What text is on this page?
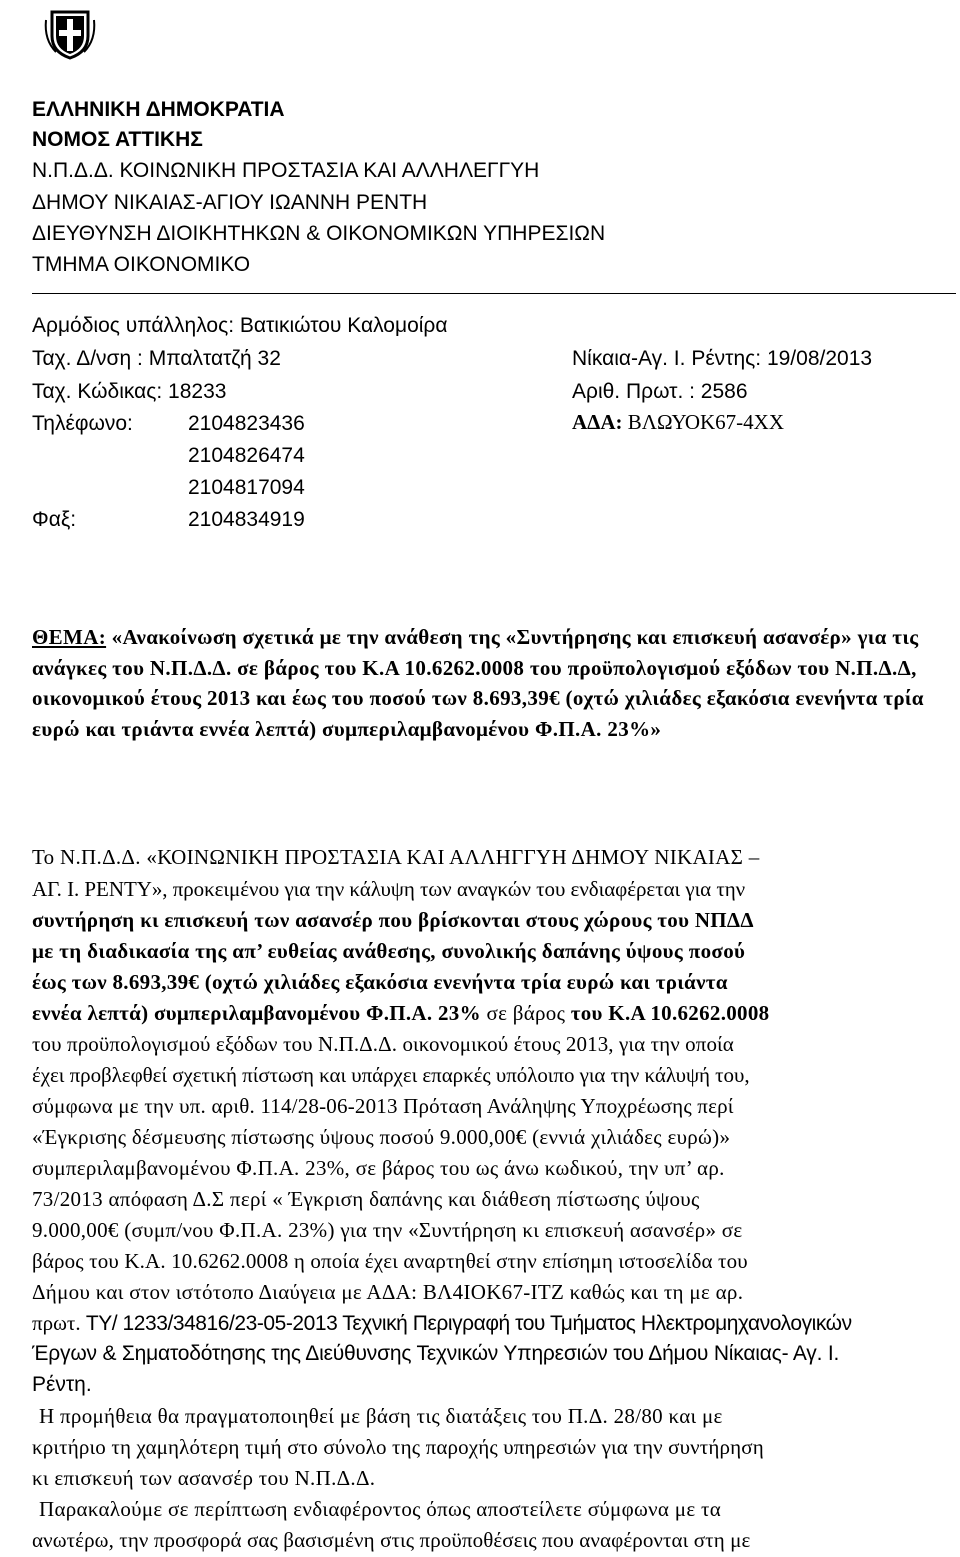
ΕΛΛΗΝΙΚΗ ΔΗΜΟΚΡΑΤΙΑ
ΝΟΜΟΣ ΑΤΤΙΚΗΣ
Ν.Π.Δ.Δ. ΚΟΙΝΩΝΙΚΗ ΠΡΟΣΤΑΣΙΑ ΚΑΙ ΑΛΛΗΛΕΓΓΥΗ
ΔΗΜΟΥ ΝΙΚΑΙΑΣ-ΑΓΙΟΥ ΙΩΑΝΝΗ ΡΕΝΤΗ
ΔΙΕΥΘΥΝΣΗ ΔΙΟΙΚΗΤΗΚΩΝ & ΟΙΚΟΝΟΜΙΚΩΝ ΥΠΗΡΕΣΙΩΝ
ΤΜΗΜΑ ΟΙΚΟΝΟΜΙΚΟ
Αρμόδιος υπάλληλος: Βατικιώτου Καλομοίρα
Ταχ. Δ/νση : Μπαλτατζή 32
Ταχ. Κώδικας: 18233
Τηλέφωνο:	2104823436
2104826474
2104817094
Φαξ:	2104834919
Νίκαια-Αγ. Ι. Ρέντης: 19/08/2013
Αριθ. Πρωτ. : 2586
ΑΔΑ: ΒΛΩΥΟΚ67-4ΧΧ
ΘΕΜΑ: «Ανακοίνωση σχετικά με την ανάθεση της «Συντήρησης και επισκευή ασανσέρ» για τις ανάγκες του Ν.Π.Δ.Δ. σε βάρος του Κ.Α 10.6262.0008 του προϋπολογισμού εξόδων του Ν.Π.Δ.Δ, οικονομικού έτους 2013 και έως του ποσού των 8.693,39€ (οχτώ χιλιάδες εξακόσια ενενήντα τρία ευρώ και τριάντα εννέα λεπτά) συμπεριλαμβανομένου Φ.Π.Α. 23%»
Το Ν.Π.Δ.Δ. «ΚΟΙΝΩΝΙΚΗ ΠΡΟΣΤΑΣΙΑ ΚΑΙ ΑΛΛΗΓΓΥΗ ΔΗΜΟΥ ΝΙΚΑΙΑΣ –
ΑΓ. Ι. ΡΕΝΤΥ», προκειμένου για την κάλυψη των αναγκών του ενδιαφέρεται για την
συντήρηση κι επισκευή των ασανσέρ που βρίσκονται στους χώρους του ΝΠΔΔ
με τη διαδικασία της απ’ ευθείας ανάθεσης, συνολικής δαπάνης ύψους ποσού
έως των 8.693,39€ (οχτώ χιλιάδες εξακόσια ενενήντα τρία ευρώ και τριάντα
εννέα λεπτά) συμπεριλαμβανομένου Φ.Π.Α. 23% σε βάρος του Κ.Α 10.6262.0008
του προϋπολογισμού εξόδων του Ν.Π.Δ.Δ. οικονομικού έτους 2013, για την οποία
έχει προβλεφθεί σχετική πίστωση και υπάρχει επαρκές υπόλοιπο για την κάλυψή του,
σύμφωνα με την υπ. αριθ. 114/28-06-2013 Πρόταση Ανάληψης Υποχρέωσης περί
«Έγκρισης δέσμευσης πίστωσης ύψους ποσού 9.000,00€ (εννιά χιλιάδες ευρώ)»
συμπεριλαμβανομένου Φ.Π.Α. 23%, σε βάρος του ως άνω κωδικού, την υπ’ αρ.
73/2013 απόφαση Δ.Σ περί « Έγκριση δαπάνης και διάθεση πίστωσης ύψους
9.000,00€ (συμπ/νου Φ.Π.Α. 23%) για την «Συντήρηση κι επισκευή ασανσέρ» σε
βάρος του Κ.Α. 10.6262.0008 η οποία έχει αναρτηθεί στην επίσημη ιστοσελίδα του
Δήμου και στον ιστότοπο Διαύγεια με ΑΔΑ: ΒΛ4ΙΟΚ67-ΙΤΖ καθώς και τη με αρ.
πρωτ. ΤΥ/ 1233/34816/23-05-2013 Τεχνική Περιγραφή του Τμήματος Ηλεκτρομηχανολογικών
Έργων & Σηματοδότησης της Διεύθυνσης Τεχνικών Υπηρεσιών του Δήμου Νίκαιας- Αγ. Ι.
Ρέντη.
Η προμήθεια θα πραγματοποιηθεί με βάση τις διατάξεις του Π.Δ. 28/80 και με
κριτήριο τη χαμηλότερη τιμή στο σύνολο της παροχής υπηρεσιών για την συντήρηση
κι επισκευή των ασανσέρ του Ν.Π.Δ.Δ.
Παρακαλούμε σε περίπτωση ενδιαφέροντος όπως αποστείλετε σύμφωνα με τα
ανωτέρω, την προσφορά σας βασισμένη στις προϋποθέσεις που αναφέρονται στη με
